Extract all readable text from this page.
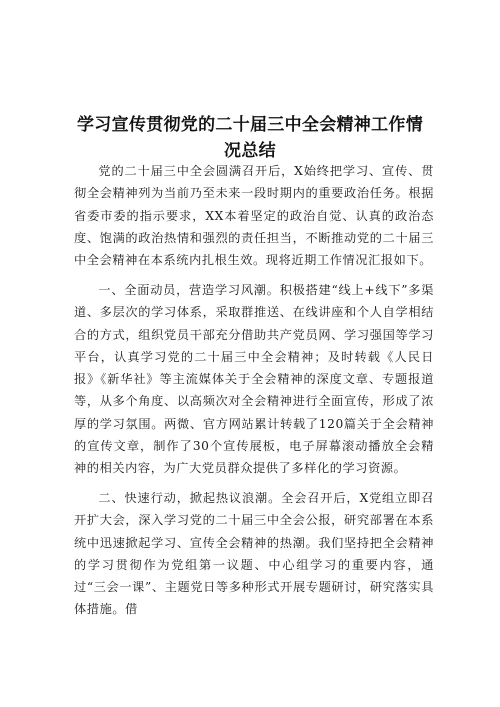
学习宣传贯彻党的二十届三中全会精神工作情况总结

党的二十届三中全会圆满召开后，X始终把学习、宣传、贯彻全会精神列为当前乃至未来一段时期内的重要政治任务。根据省委市委的指示要求，XX本着坚定的政治自觉、认真的政治态度、饱满的政治热情和强烈的责任担当，不断推动党的二十届三中全会精神在本系统内扎根生效。现将近期工作情况汇报如下。

一、全面动员，营造学习风潮。积极搭建“线上+线下”多渠道、多层次的学习体系，采取群推送、在线讲座和个人自学相结合的方式，组织党员干部充分借助共产党员网、学习强国等学习平台，认真学习党的二十届三中全会精神；及时转载《人民日报》《新华社》等主流媒体关于全会精神的深度文章、专题报道等，从多个角度、以高频次对全会精神进行全面宣传，形成了浓厚的学习氛围。两微、官方网站累计转载了120篇关于全会精神的宣传文章，制作了30个宣传展板，电子屏幕滚动播放全会精神的相关内容，为广大党员群众提供了多样化的学习资源。

二、快速行动，掀起热议浪潮。全会召开后，X党组立即召开扩大会，深入学习党的二十届三中全会公报，研究部署在本系统中迅速掀起学习、宣传全会精神的热潮。我们坚持把全会精神的学习贯彻作为党组第一议题、中心组学习的重要内容，通过“三会一课”、主题党日等多种形式开展专题研讨，研究落实具体措施。借
